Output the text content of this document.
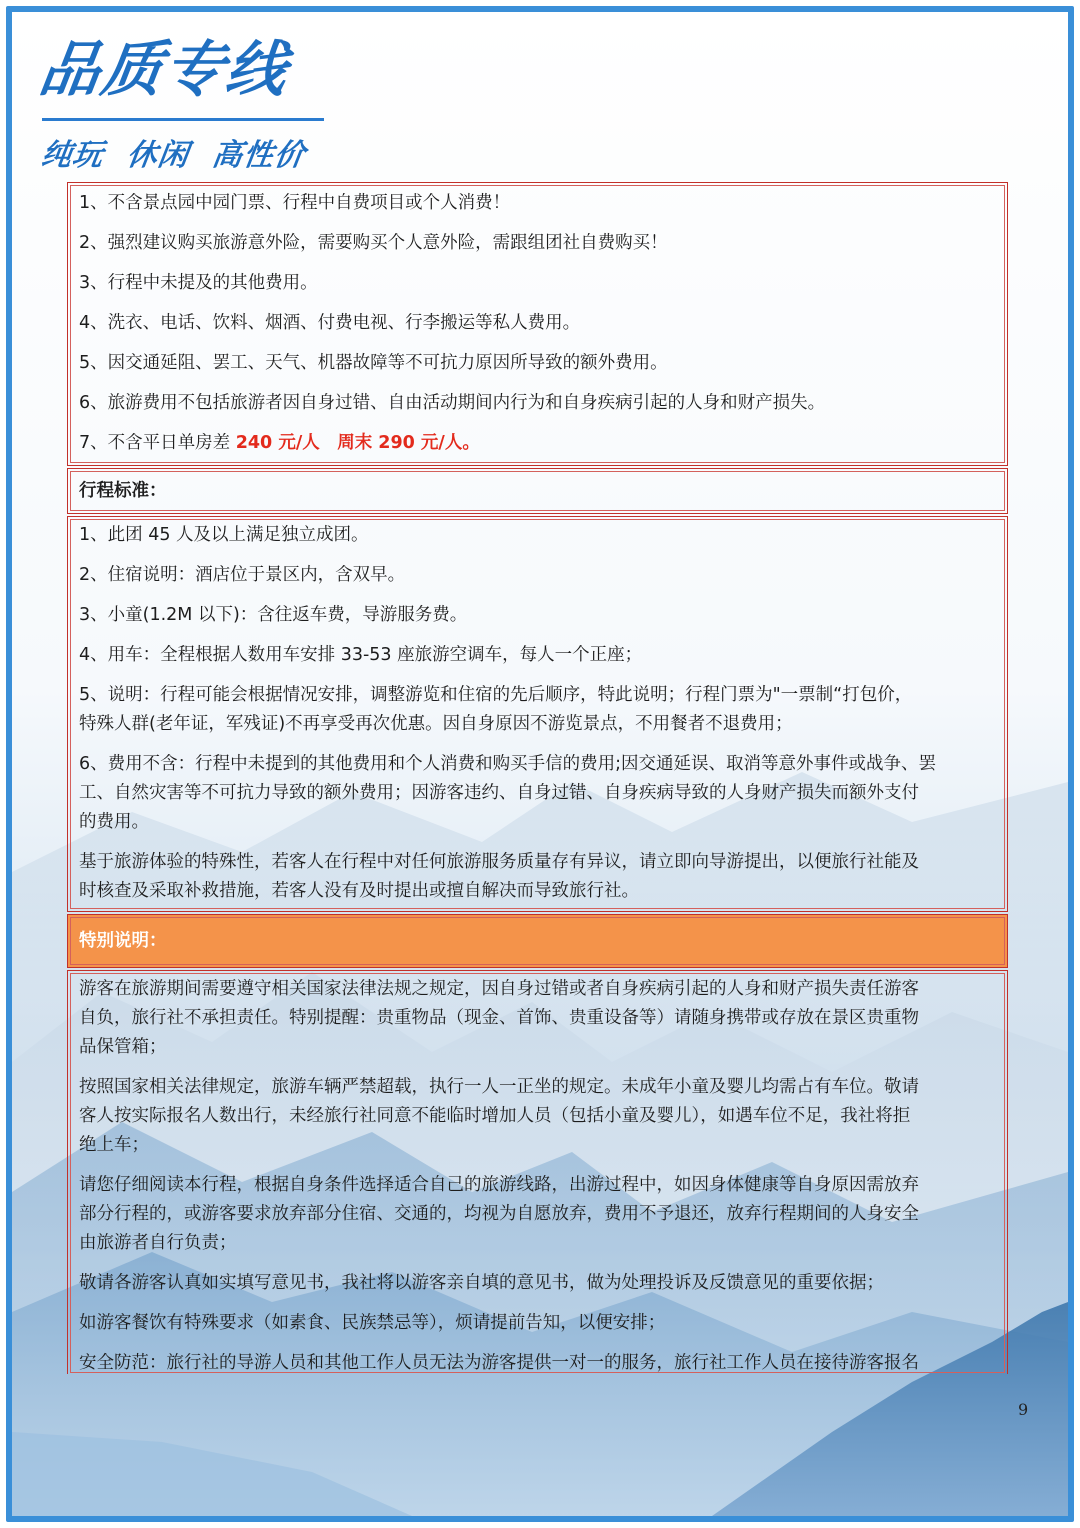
品质专线
纯玩 休闲 高性价
1、不含景点园中园门票、行程中自费项目或个人消费！
2、强烈建议购买旅游意外险，需要购买个人意外险，需跟组团社自费购买！
3、行程中未提及的其他费用。
4、洗衣、电话、饮料、烟酒、付费电视、行李搬运等私人费用。
5、因交通延阻、罢工、天气、机器故障等不可抗力原因所导致的额外费用。
6、旅游费用不包括旅游者因自身过错、自由活动期间内行为和自身疾病引起的人身和财产损失。
7、不含平日单房差 240 元/人　周末 290 元/人。
行程标准：
1、此团 45 人及以上满足独立成团。
2、住宿说明：酒店位于景区内，含双早。
3、小童(1.2M 以下)：含往返车费，导游服务费。
4、用车：全程根据人数用车安排 33-53 座旅游空调车，每人一个正座；
5、说明：行程可能会根据情况安排，调整游览和住宿的先后顺序，特此说明；行程门票为"一票制“打包价，
特殊人群(老年证，军残证)不再享受再次优惠。因自身原因不游览景点，不用餐者不退费用；
6、费用不含：行程中未提到的其他费用和个人消费和购买手信的费用;因交通延误、取消等意外事件或战争、罢
工、自然灾害等不可抗力导致的额外费用；因游客违约、自身过错、自身疾病导致的人身财产损失而额外支付
的费用。
基于旅游体验的特殊性，若客人在行程中对任何旅游服务质量存有异议，请立即向导游提出，以便旅行社能及
时核查及采取补救措施，若客人没有及时提出或擅自解决而导致旅行社。
特别说明：
游客在旅游期间需要遵守相关国家法律法规之规定，因自身过错或者自身疾病引起的人身和财产损失责任游客
自负，旅行社不承担责任。特别提醒：贵重物品（现金、首饰、贵重设备等）请随身携带或存放在景区贵重物
品保管箱；
按照国家相关法律规定，旅游车辆严禁超载，执行一人一正坐的规定。未成年小童及婴儿均需占有车位。敬请
客人按实际报名人数出行，未经旅行社同意不能临时增加人员（包括小童及婴儿），如遇车位不足，我社将拒
绝上车；
请您仔细阅读本行程，根据自身条件选择适合自己的旅游线路，出游过程中，如因身体健康等自身原因需放弃
部分行程的，或游客要求放弃部分住宿、交通的，均视为自愿放弃，费用不予退还，放弃行程期间的人身安全
由旅游者自行负责；
敬请各游客认真如实填写意见书，我社将以游客亲自填的意见书，做为处理投诉及反馈意见的重要依据；
如游客餐饮有特殊要求（如素食、民族禁忌等），烦请提前告知，以便安排；
安全防范：旅行社的导游人员和其他工作人员无法为游客提供一对一的服务，旅行社工作人员在接待游客报名
9
